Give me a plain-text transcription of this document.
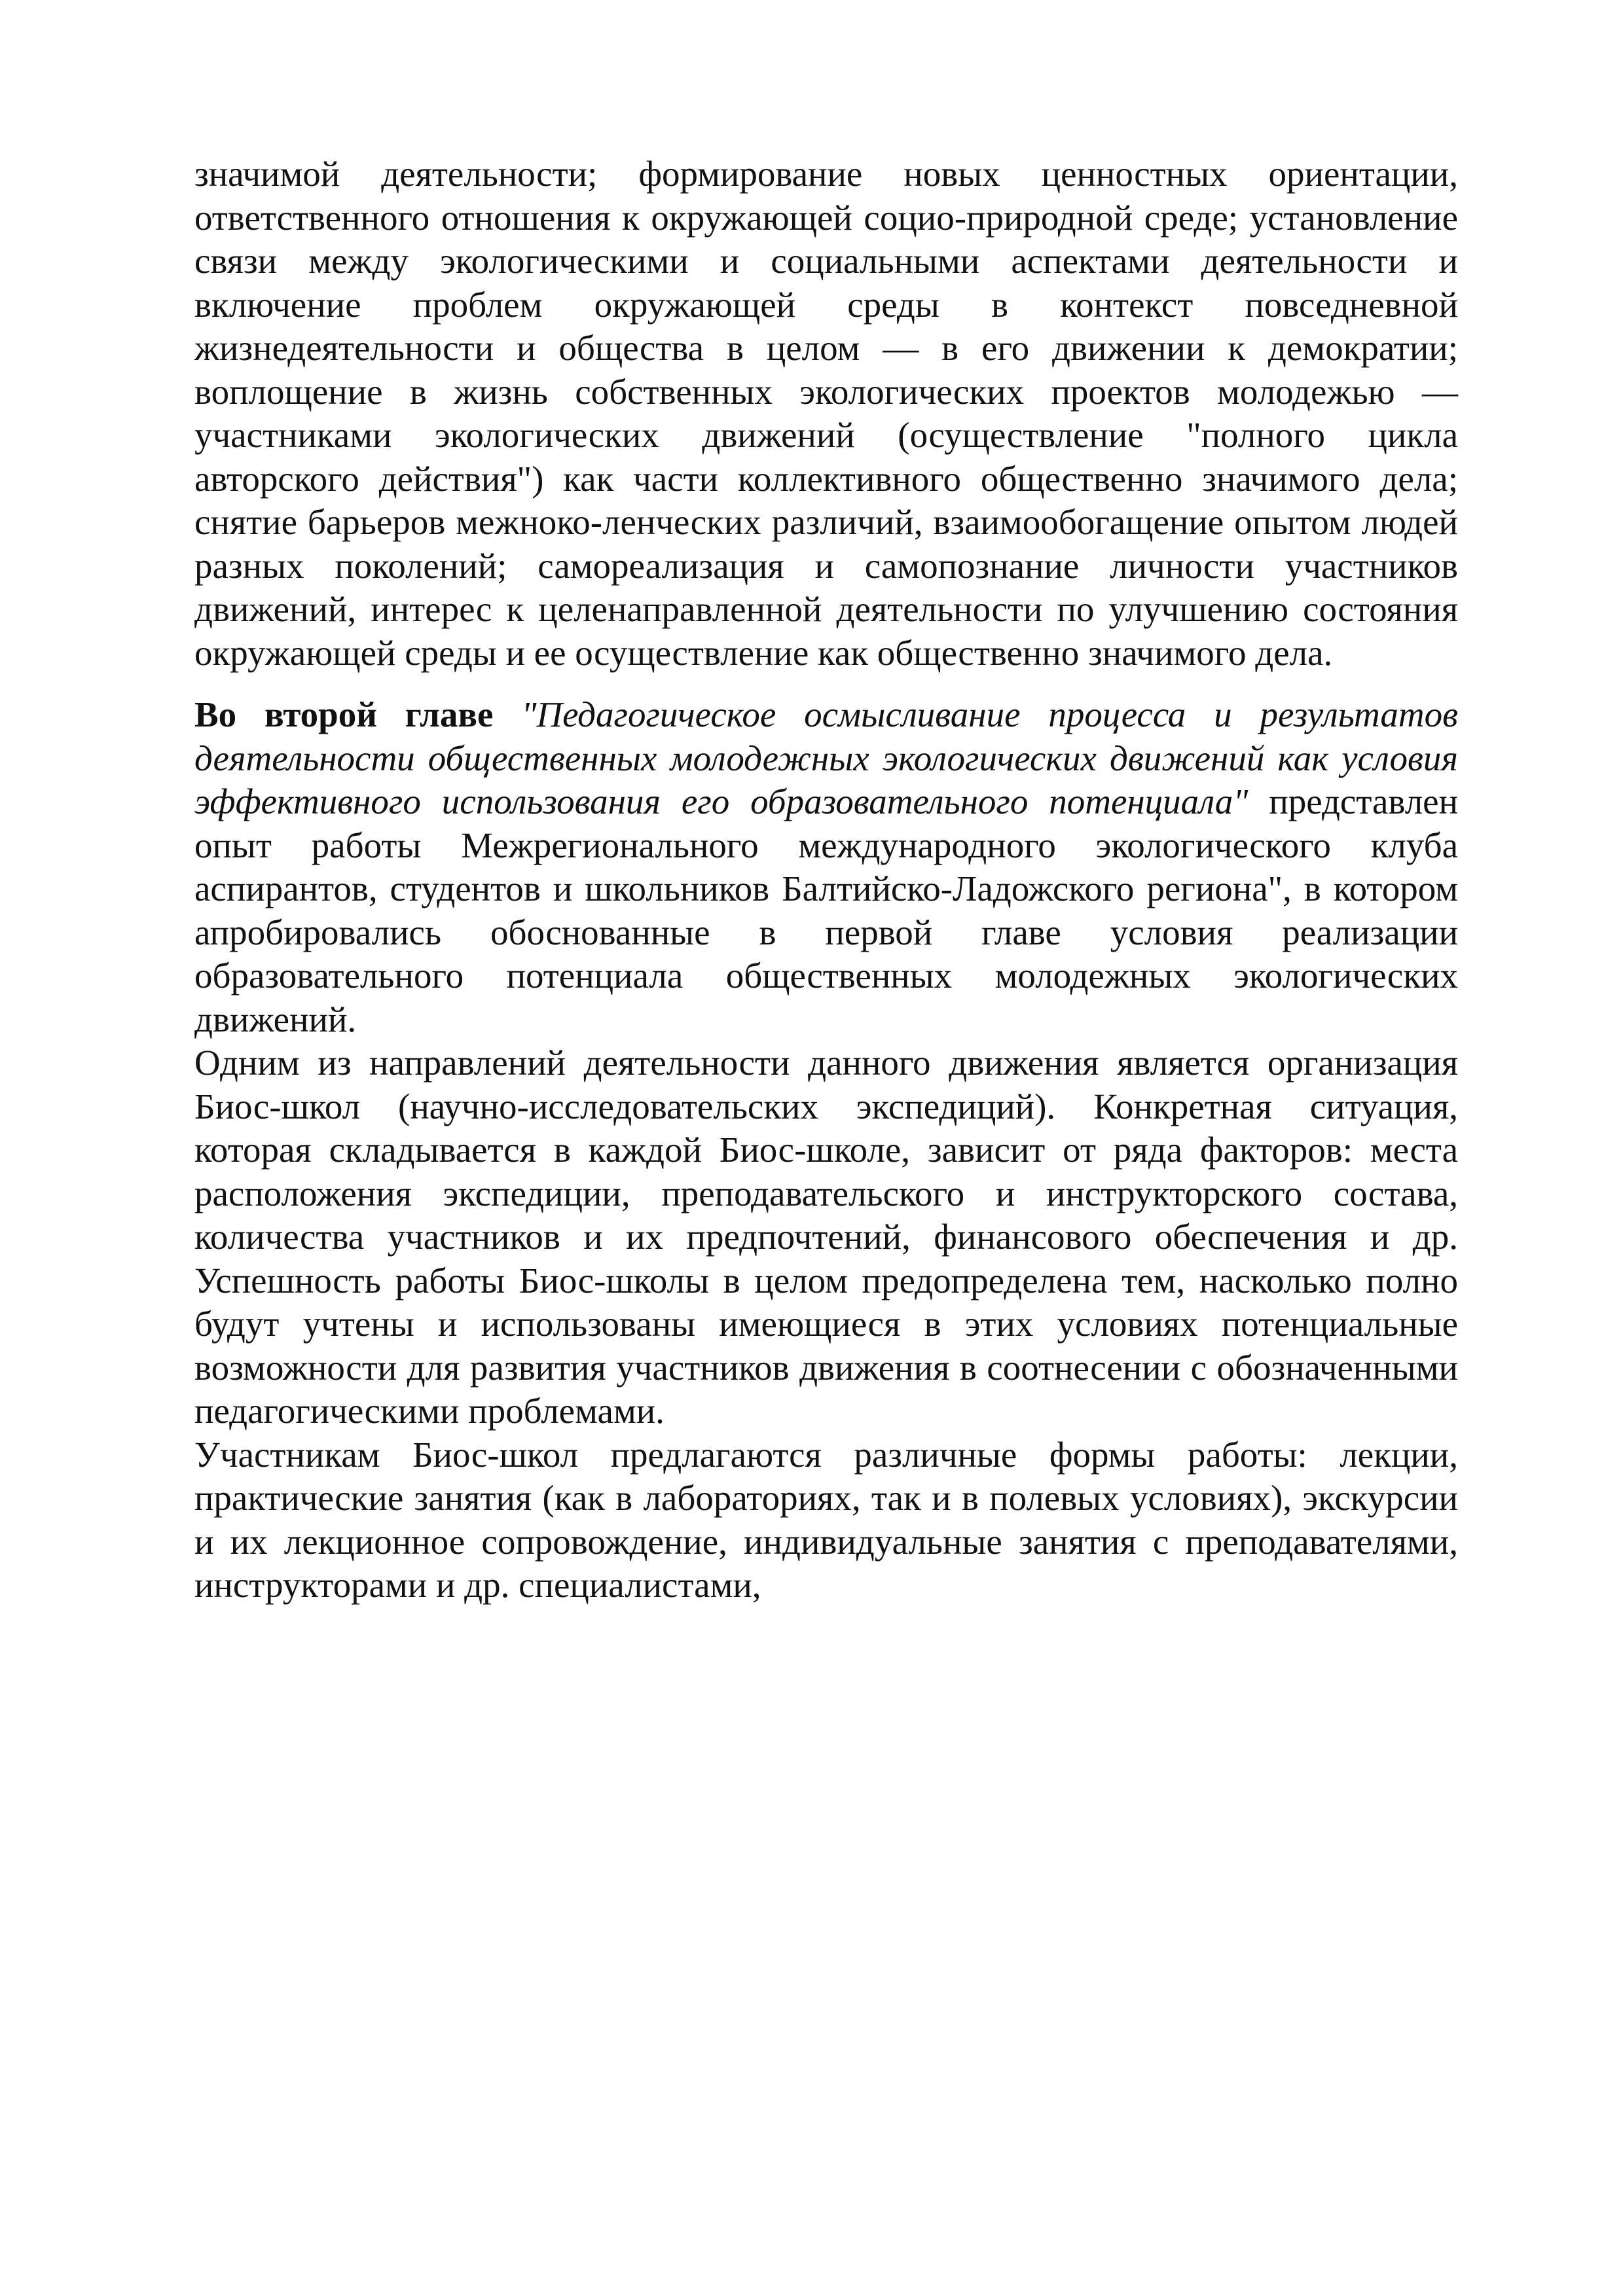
значимой деятельности; формирование новых ценностных ориентации, ответственного отношения к окружающей социо-природной среде; установление связи между экологическими и социальными аспектами деятельности и включение проблем окружающей среды в контекст повседневной жизнедеятельности и общества в целом — в его движении к демократии; воплощение в жизнь собственных экологических проектов молодежью — участниками экологических движений (осуществление "полного цикла авторского действия") как части коллективного общественно значимого дела; снятие барьеров межноко-ленческих различий, взаимообогащение опытом людей разных поколений; самореализация и самопознание личности участников движений, интерес к целенаправленной деятельности по улучшению состояния окружающей среды и ее осуществление как общественно значимого дела.

Во второй главе "Педагогическое осмысливание процесса и результатов деятельности общественных молодежных экологических движений как условия эффективного использования его образовательного потенциала" представлен опыт работы Межрегионального международного экологического клуба аспирантов, студентов и школьников Балтийско-Ладожского региона", в котором апробировались обоснованные в первой главе условия реализации образовательного потенциала общественных молодежных экологических движений.

Одним из направлений деятельности данного движения является организация Биос-школ (научно-исследовательских экспедиций). Конкретная ситуация, которая складывается в каждой Биос-школе, зависит от ряда факторов: места расположения экспедиции, преподавательского и инструкторского состава, количества участников и их предпочтений, финансового обеспечения и др. Успешность работы Биос-школы в целом предопределена тем, насколько полно будут учтены и использованы имеющиеся в этих условиях потенциальные возможности для развития участников движения в соотнесении с обозначенными педагогическими проблемами.

Участникам Биос-школ предлагаются различные формы работы: лекции, практические занятия (как в лабораториях, так и в полевых условиях), экскурсии и их лекционное сопровождение, индивидуальные занятия с преподавателями, инструкторами и др. специалистами,
